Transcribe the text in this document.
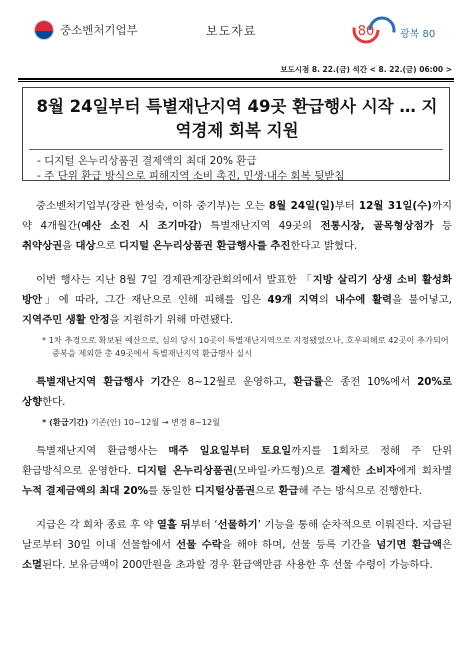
중소벤처기업부	보도자료	80	광복 80
보도시점 8. 22.(금) 석간 < 8. 22.(금) 06:00 >
8월 24일부터 특별재난지역 49곳 환급행사 시작 … 지역경제 회복 지원
- 디지털 온누리상품권 결제액의 최대 20% 환급
- 주 단위 환급 방식으로 피해지역 소비 촉진, 민생·내수 회복 뒷받침

중소벤처기업부(장관 한성숙, 이하 중기부)는 오는 8월 24일(일)부터 12월 31일(수)까지 약 4개월간(예산 소진 시 조기마감) 특별재난지역 49곳의 전통시장, 골목형상점가 등 취약상권을 대상으로 디지털 온누리상품권 환급행사를 추진한다고 밝혔다.

이번 행사는 지난 8월 7일 경제관계장관회의에서 발표한 「지방 살리기 상생 소비 활성화 방안」에 따라, 그간 재난으로 인해 피해를 입은 49개 지역의 내수에 활력을 불어넣고, 지역주민 생활 안정을 지원하기 위해 마련됐다.

* 1차 추경으로 확보된 예산으로, 심의 당시 10곳이 특별재난지역으로 지정됐었으나, 호우피해로 42곳이 추가되어 중복을 제외한 총 49곳에서 특별재난지역 환급행사 실시

특별재난지역 환급행사 기간은 8~12월로 운영하고, 환급률은 종전 10%에서 20%로 상향한다.

* (환급기간) 기존(안) 10~12월 → 변경 8~12월

특별재난지역 환급행사는 매주 일요일부터 토요일까지를 1회차로 정해 주 단위 환급방식으로 운영한다. 디지털 온누리상품권(모바일·카드형)으로 결제한 소비자에게 회차별 누적 결제금액의 최대 20%를 동일한 디지털상품권으로 환급해 주는 방식으로 진행한다.

지급은 각 회차 종료 후 약 열흘 뒤부터 ‘선물하기’ 기능을 통해 순차적으로 이뤄진다. 지급된 날로부터 30일 이내 선물함에서 선물 수락을 해야 하며, 선물 등록 기간을 넘기면 환급액은 소멸된다. 보유금액이 200만원을 초과할 경우 환급액만큼 사용한 후 선물 수령이 가능하다.
